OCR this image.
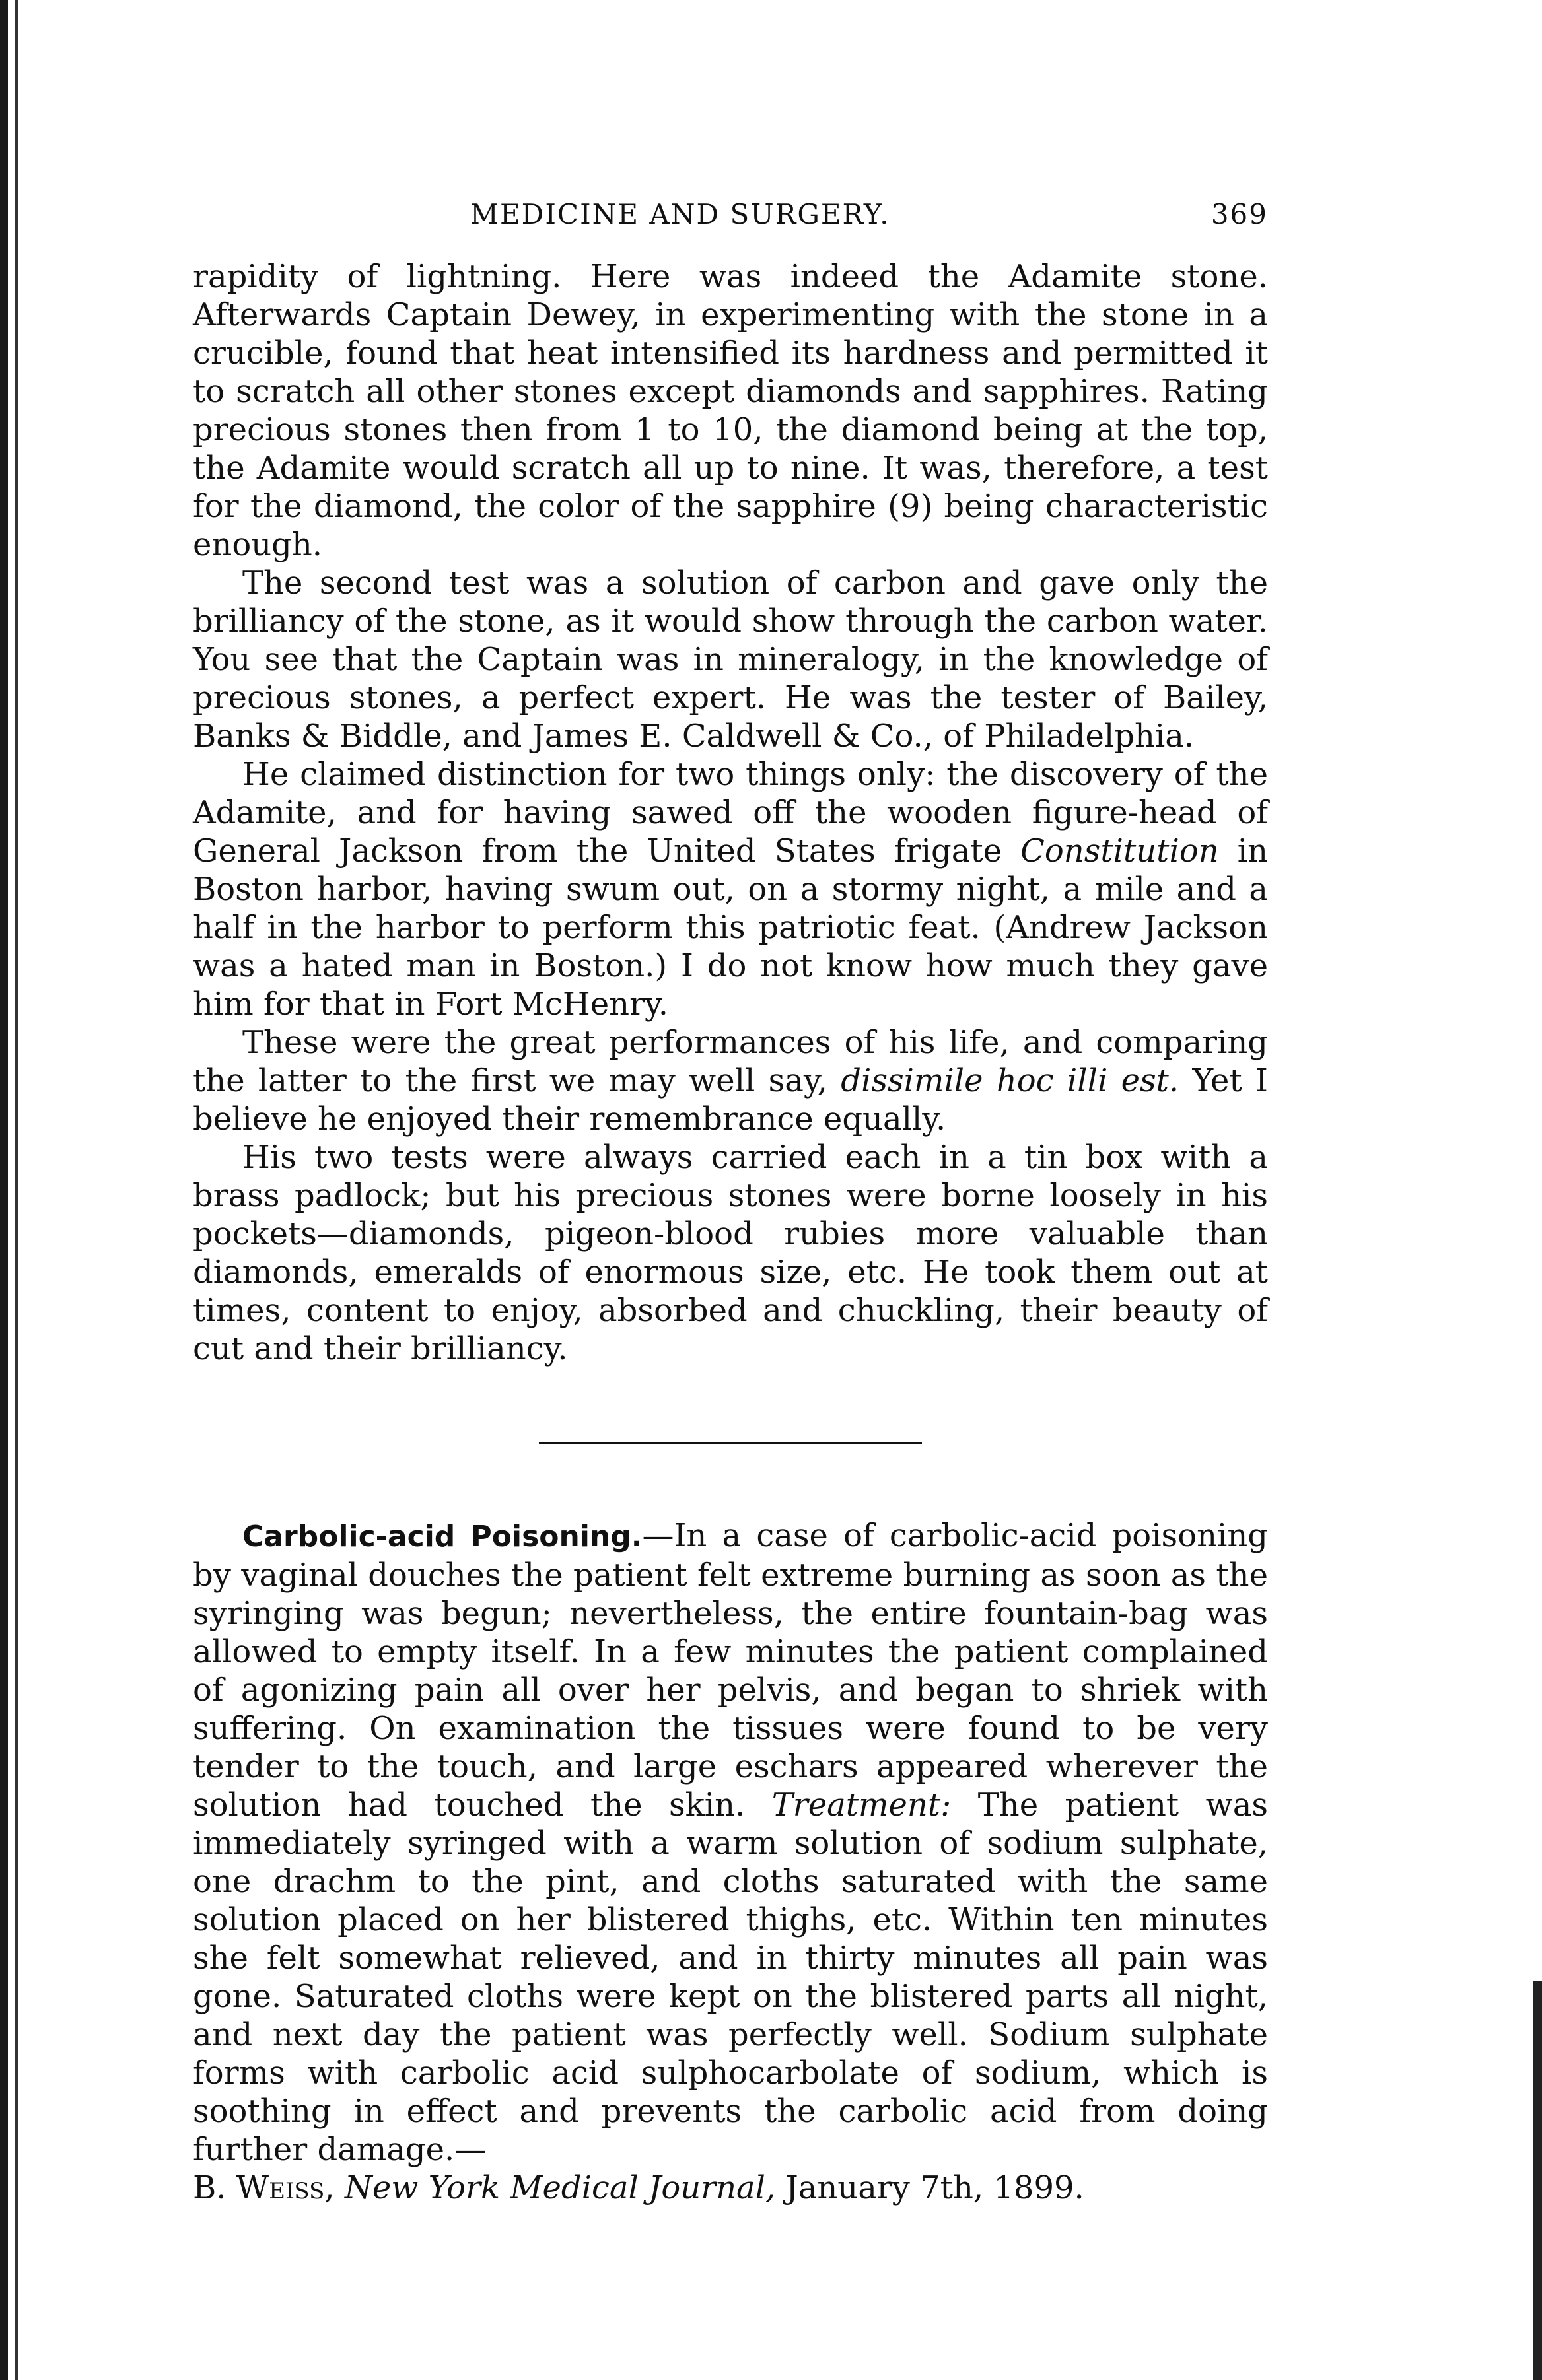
MEDICINE AND SURGERY.	369

rapidity of lightning. Here was indeed the Adamite stone. Afterwards Captain Dewey, in experimenting with the stone in a crucible, found that heat intensified its hardness and permitted it to scratch all other stones except diamonds and sapphires. Rating precious stones then from 1 to 10, the diamond being at the top, the Adamite would scratch all up to nine. It was, therefore, a test for the diamond, the color of the sapphire (9) being characteristic enough.

The second test was a solution of carbon and gave only the brilliancy of the stone, as it would show through the carbon water. You see that the Captain was in mineralogy, in the knowledge of precious stones, a perfect expert. He was the tester of Bailey, Banks & Biddle, and James E. Caldwell & Co., of Philadelphia.

He claimed distinction for two things only: the discovery of the Adamite, and for having sawed off the wooden figure-head of General Jackson from the United States frigate Constitution in Boston harbor, having swum out, on a stormy night, a mile and a half in the harbor to perform this patriotic feat. (Andrew Jackson was a hated man in Boston.) I do not know how much they gave him for that in Fort McHenry.

These were the great performances of his life, and comparing the latter to the first we may well say, dissimile hoc illi est. Yet I believe he enjoyed their remembrance equally.

His two tests were always carried each in a tin box with a brass padlock; but his precious stones were borne loosely in his pockets—diamonds, pigeon-blood rubies more valuable than diamonds, emeralds of enormous size, etc. He took them out at times, content to enjoy, absorbed and chuckling, their beauty of cut and their brilliancy.

Carbolic-acid Poisoning.—In a case of carbolic-acid poisoning by vaginal douches the patient felt extreme burning as soon as the syringing was begun; nevertheless, the entire fountain-bag was allowed to empty itself. In a few minutes the patient complained of agonizing pain all over her pelvis, and began to shriek with suffering. On examination the tissues were found to be very tender to the touch, and large eschars appeared wherever the solution had touched the skin. Treatment: The patient was immediately syringed with a warm solution of sodium sulphate, one drachm to the pint, and cloths saturated with the same solution placed on her blistered thighs, etc. Within ten minutes she felt somewhat relieved, and in thirty minutes all pain was gone. Saturated cloths were kept on the blistered parts all night, and next day the patient was perfectly well. Sodium sulphate forms with carbolic acid sulphocarbolate of sodium, which is soothing in effect and prevents the carbolic acid from doing further damage.—
B. Weiss, New York Medical Journal, January 7th, 1899.
